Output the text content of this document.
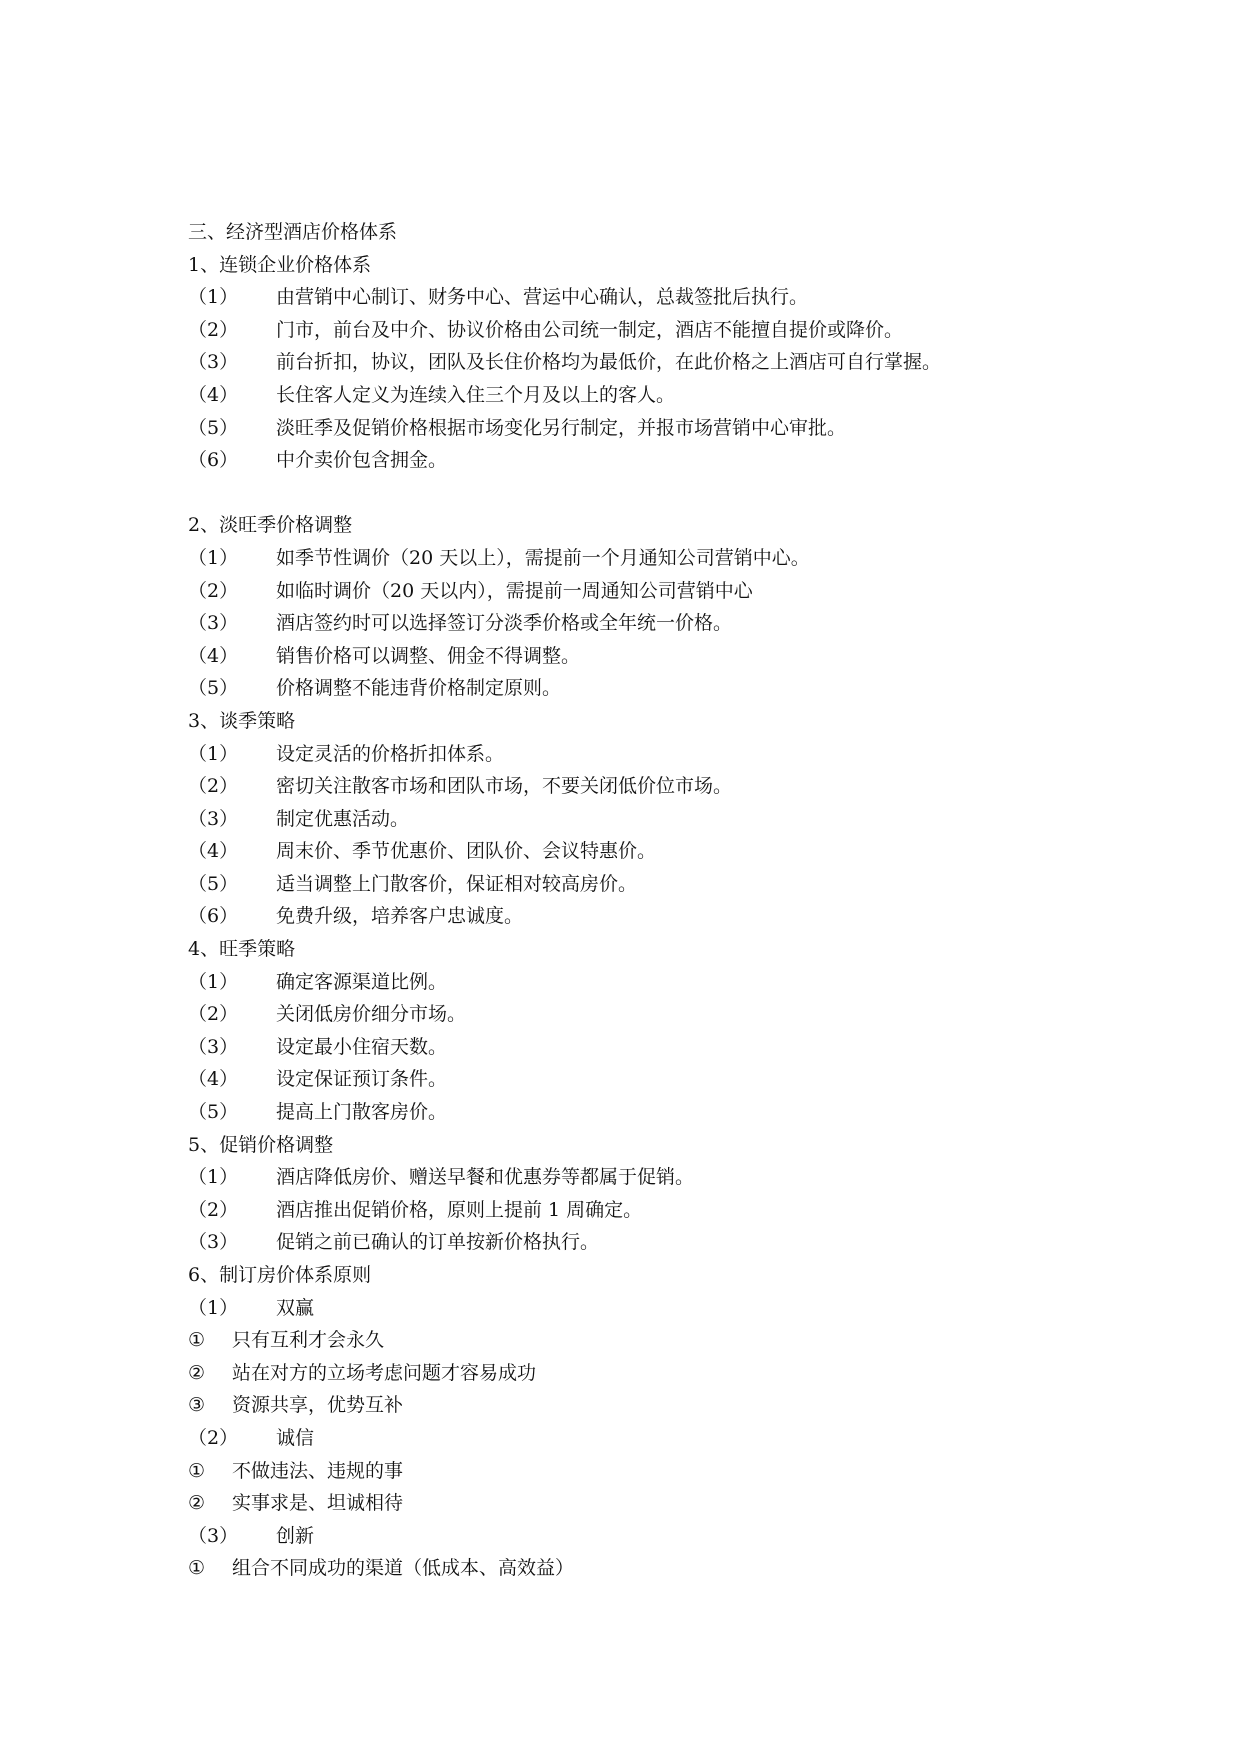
三、经济型酒店价格体系
1、连锁企业价格体系
（1） 由营销中心制订、财务中心、营运中心确认，总裁签批后执行。
（2） 门市，前台及中介、协议价格由公司统一制定，酒店不能擅自提价或降价。
（3） 前台折扣，协议，团队及长住价格均为最低价，在此价格之上酒店可自行掌握。
（4） 长住客人定义为连续入住三个月及以上的客人。
（5） 淡旺季及促销价格根据市场变化另行制定，并报市场营销中心审批。
（6） 中介卖价包含拥金。
2、淡旺季价格调整
（1） 如季节性调价（20 天以上），需提前一个月通知公司营销中心。
（2） 如临时调价（20 天以内），需提前一周通知公司营销中心
（3） 酒店签约时可以选择签订分淡季价格或全年统一价格。
（4） 销售价格可以调整、佣金不得调整。
（5） 价格调整不能违背价格制定原则。
3、谈季策略
（1） 设定灵活的价格折扣体系。
（2） 密切关注散客市场和团队市场，不要关闭低价位市场。
（3） 制定优惠活动。
（4） 周末价、季节优惠价、团队价、会议特惠价。
（5） 适当调整上门散客价，保证相对较高房价。
（6） 免费升级，培养客户忠诚度。
4、旺季策略
（1） 确定客源渠道比例。
（2） 关闭低房价细分市场。
（3） 设定最小住宿天数。
（4） 设定保证预订条件。
（5） 提高上门散客房价。
5、促销价格调整
（1） 酒店降低房价、赠送早餐和优惠券等都属于促销。
（2） 酒店推出促销价格，原则上提前 1 周确定。
（3） 促销之前已确认的订单按新价格执行。
6、制订房价体系原则
（1） 双赢
① 只有互利才会永久
② 站在对方的立场考虑问题才容易成功
③ 资源共享，优势互补
（2） 诚信
① 不做违法、违规的事
② 实事求是、坦诚相待
（3） 创新
① 组合不同成功的渠道（低成本、高效益）
